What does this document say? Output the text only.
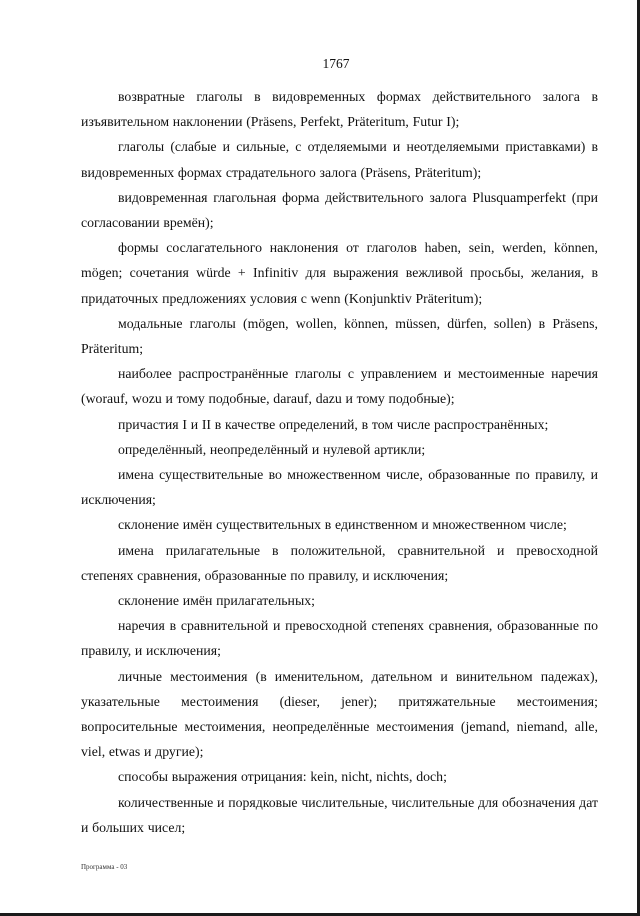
1767

возвратные глаголы в видовременных формах действительного залога в изъявительном наклонении (Präsens, Perfekt, Präteritum, Futur I);

глаголы (слабые и сильные, с отделяемыми и неотделяемыми приставками) в видовременных формах страдательного залога (Präsens, Präteritum);

видовременная глагольная форма действительного залога Plusquamperfekt (при согласовании времён);

формы сослагательного наклонения от глаголов haben, sein, werden, können, mögen; сочетания würde + Infinitiv для выражения вежливой просьбы, желания, в придаточных предложениях условия с wenn (Konjunktiv Präteritum);

модальные глаголы (mögen, wollen, können, müssen, dürfen, sollen) в Präsens, Präteritum;

наиболее распространённые глаголы с управлением и местоименные наречия (worauf, wozu и тому подобные, darauf, dazu и тому подобные);

причастия I и II в качестве определений, в том числе распространённых;

определённый, неопределённый и нулевой артикли;

имена существительные во множественном числе, образованные по правилу, и исключения;

склонение имён существительных в единственном и множественном числе;

имена прилагательные в положительной, сравнительной и превосходной степенях сравнения, образованные по правилу, и исключения;

склонение имён прилагательных;

наречия в сравнительной и превосходной степенях сравнения, образованные по правилу, и исключения;

личные местоимения (в именительном, дательном и винительном падежах), указательные местоимения (dieser, jener); притяжательные местоимения; вопросительные местоимения, неопределённые местоимения (jemand, niemand, alle, viel, etwas и другие);

способы выражения отрицания: kein, nicht, nichts, doch;

количественные и порядковые числительные, числительные для обозначения дат и больших чисел;

Программа - 03
